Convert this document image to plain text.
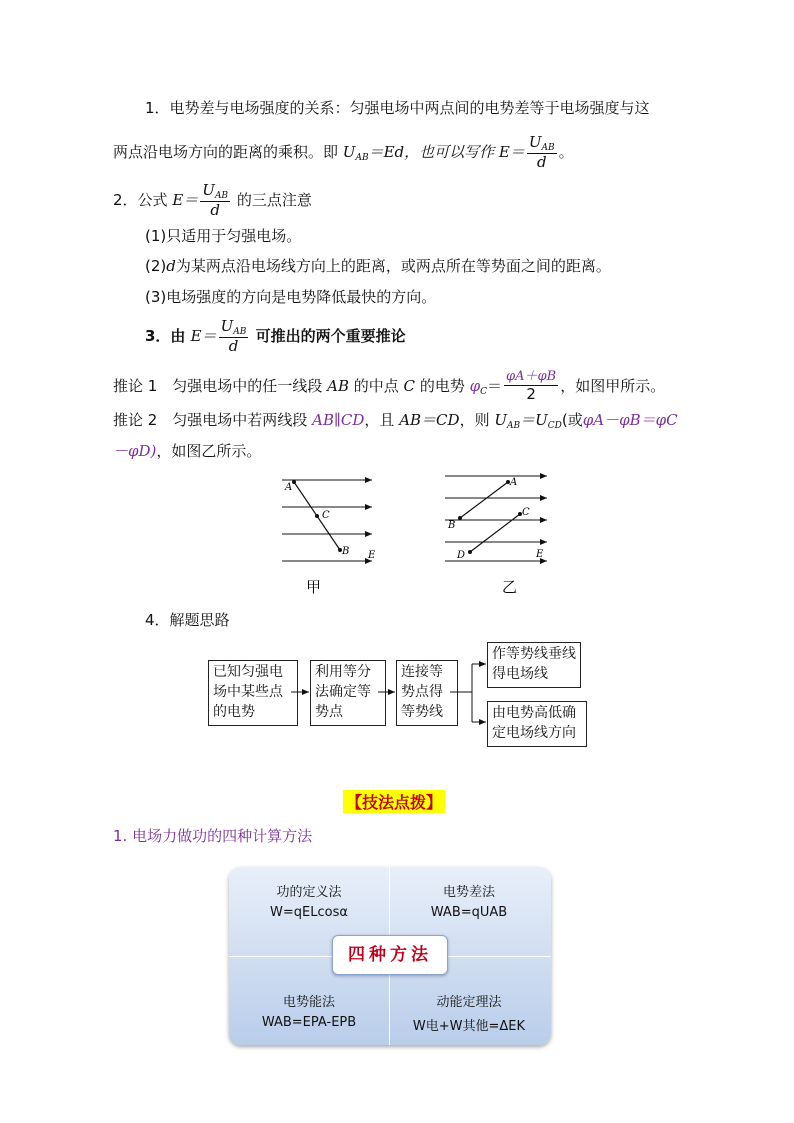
1．电势差与电场强度的关系：匀强电场中两点间的电势差等于电场强度与这
两点沿电场方向的距离的乘积。即 $U_{AB}=Ed$，也可以写作 $E= \frac{U_{AB}}{d}$ 。
2．公式 $E= \frac{U_{AB}}{d}$ 的三点注意
(1)只适用于匀强电场。
(2)d为某两点沿电场线方向上的距离，或两点所在等势面之间的距离。
(3)电场强度的方向是电势降低最快的方向。
3．由 $E= \frac{U_{AB}}{d}$ 可推出的两个重要推论
推论 1　匀强电场中的任一线段 AB 的中点 C 的电势 $\varphi_C= \frac{\varphi A+\varphi B}{2}$ ，如图甲所示。
推论 2　匀强电场中若两线段 AB∥CD，且 AB＝CD，则 $U_{AB}=U_{CD}$(或φA－φB＝φC
－φD)，如图乙所示。
A
C
B E
A
B
C
D	E
甲	乙
4．解题思路
已知匀强电场中某些点的电势
利用等分法确定等势点
连接等势点得等势线
作等势线垂线得电场线
由电势高低确定电场线方向
【技法点拨】
1. 电场力做功的四种计算方法
功的定义法
W=qELcosα
电势差法
WAB=qUAB
电势能法
WAB=EPA-EPB
动能定理法
W电+W其他=ΔEK
四种方法
